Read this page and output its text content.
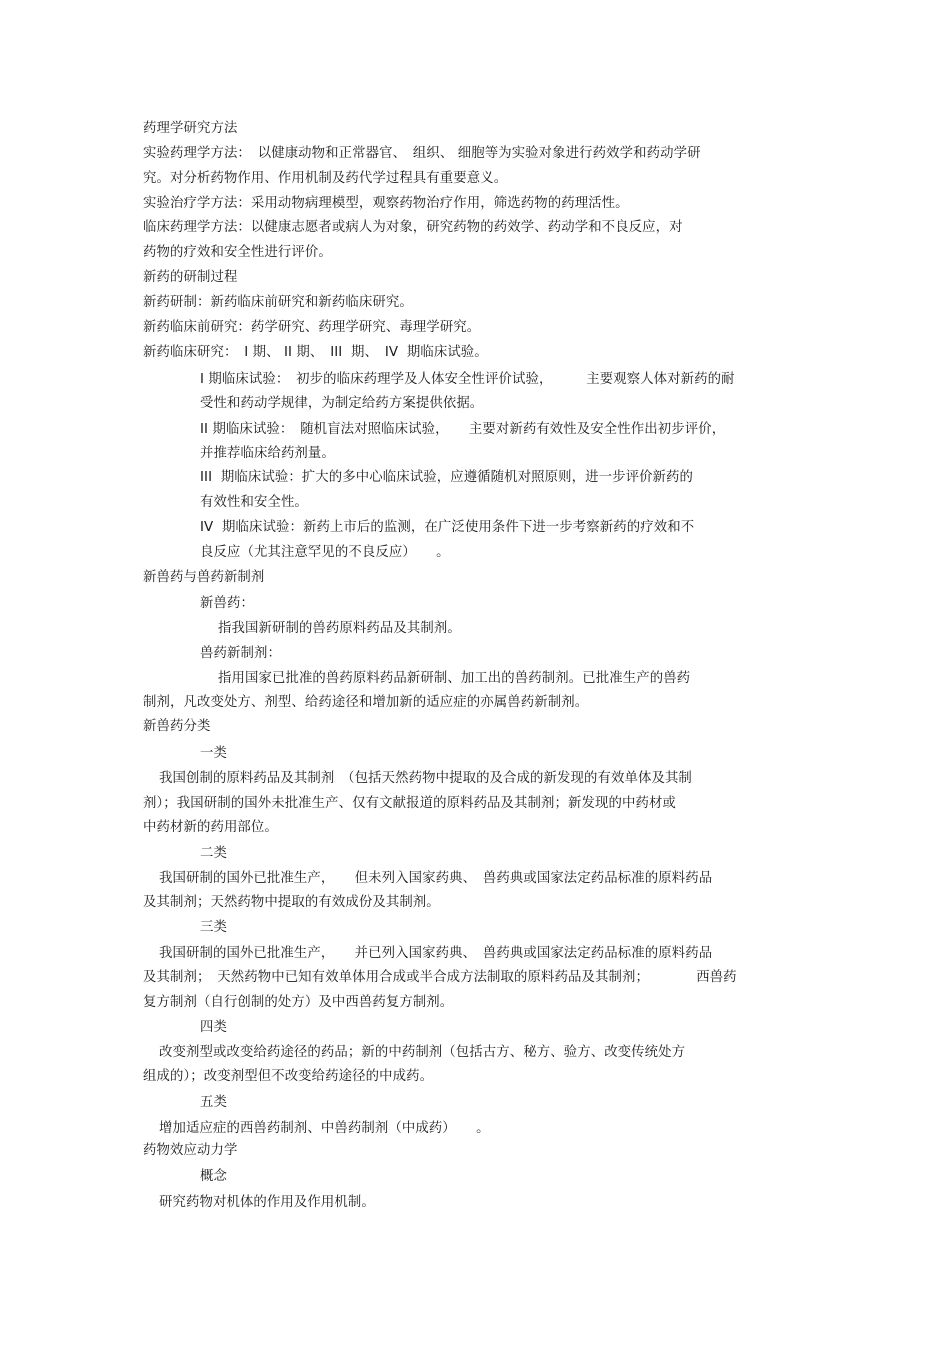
药理学研究方法
实验药理学方法：　以健康动物和正常器官、　组织、 细胞等为实验对象进行药效学和药动学研
究。对分析药物作用、作用机制及药代学过程具有重要意义。
实验治疗学方法：采用动物病理模型，观察药物治疗作用，筛选药物的药理活性。
临床药理学方法：以健康志愿者或病人为对象，研究药物的药效学、药动学和不良反应，对
药物的疗效和安全性进行评价。
新药的研制过程
新药研制：新药临床前研究和新药临床研究。
新药临床前研究：药学研究、药理学研究、毒理学研究。
新药临床研究：　I 期、 II 期、　III  期、　IV  期临床试验。
I 期临床试验：　初步的临床药理学及人体安全性评价试验，　　　主要观察人体对新药的耐
受性和药动学规律，为制定给药方案提供依据。
II 期临床试验：　随机盲法对照临床试验，　　主要对新药有效性及安全性作出初步评价，
并推荐临床给药剂量。
III  期临床试验：扩大的多中心临床试验，应遵循随机对照原则，进一步评价新药的
有效性和安全性。
IV  期临床试验：新药上市后的监测，在广泛使用条件下进一步考察新药的疗效和不
良反应（尤其注意罕见的不良反应）　　。
新兽药与兽药新制剂
新兽药：
指我国新研制的兽药原料药品及其制剂。
兽药新制剂：
指用国家已批准的兽药原料药品新研制、加工出的兽药制剂。已批准生产的兽药
制剂，凡改变处方、剂型、给药途径和增加新的适应症的亦属兽药新制剂。
新兽药分类
一类
我国创制的原料药品及其制剂　（包括天然药物中提取的及合成的新发现的有效单体及其制
剂）；我国研制的国外未批准生产、仅有文献报道的原料药品及其制剂；新发现的中药材或
中药材新的药用部位。
二类
我国研制的国外已批准生产，　　但未列入国家药典、　兽药典或国家法定药品标准的原料药品
及其制剂；天然药物中提取的有效成份及其制剂。
三类
我国研制的国外已批准生产，　　并已列入国家药典、　兽药典或国家法定药品标准的原料药品
及其制剂；　天然药物中已知有效单体用合成或半合成方法制取的原料药品及其制剂；　　　　西兽药
复方制剂（自行创制的处方）及中西兽药复方制剂。
四类
改变剂型或改变给药途径的药品；新的中药制剂（包括古方、秘方、验方、改变传统处方
组成的）；改变剂型但不改变给药途径的中成药。
五类
增加适应症的西兽药制剂、中兽药制剂（中成药）　　。
药物效应动力学
概念
研究药物对机体的作用及作用机制。
